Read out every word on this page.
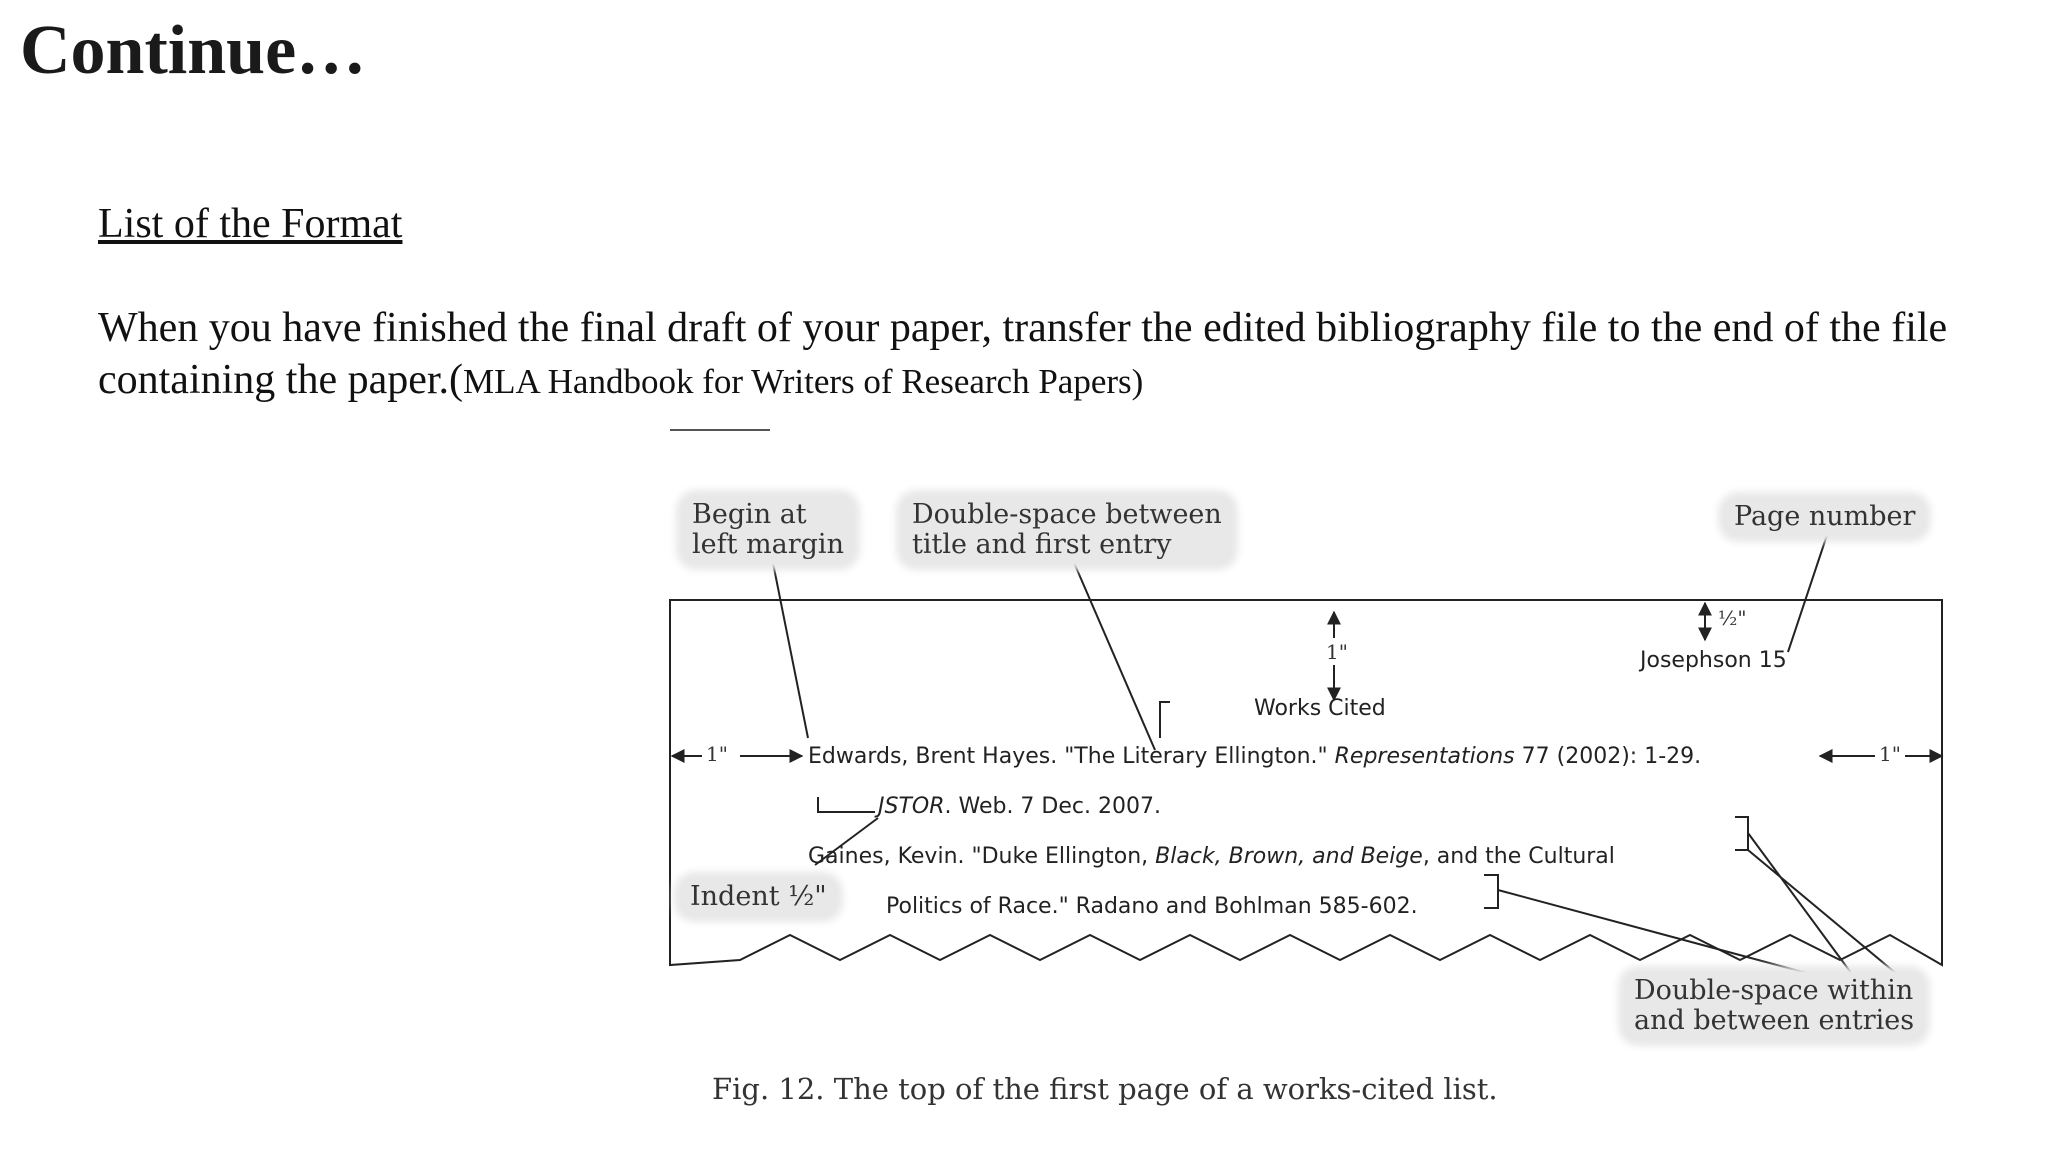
Continue…
List of the Format
When you have finished the final draft of your paper, transfer the edited bibliography file to the end of the file containing the paper.(MLA Handbook for Writers of Research Papers)
Begin at
left margin
Double-space between
title and first entry
Page number
1"
½"
1"	1"
Josephson 15
Works Cited
Edwards, Brent Hayes. "The Literary Ellington." Representations 77 (2002): 1-29.
JSTOR. Web. 7 Dec. 2007.
Gaines, Kevin. "Duke Ellington, Black, Brown, and Beige, and the Cultural
Politics of Race." Radano and Bohlman 585-602.
Indent ½"
Double-space within
and between entries
Fig. 12. The top of the first page of a works-cited list.
